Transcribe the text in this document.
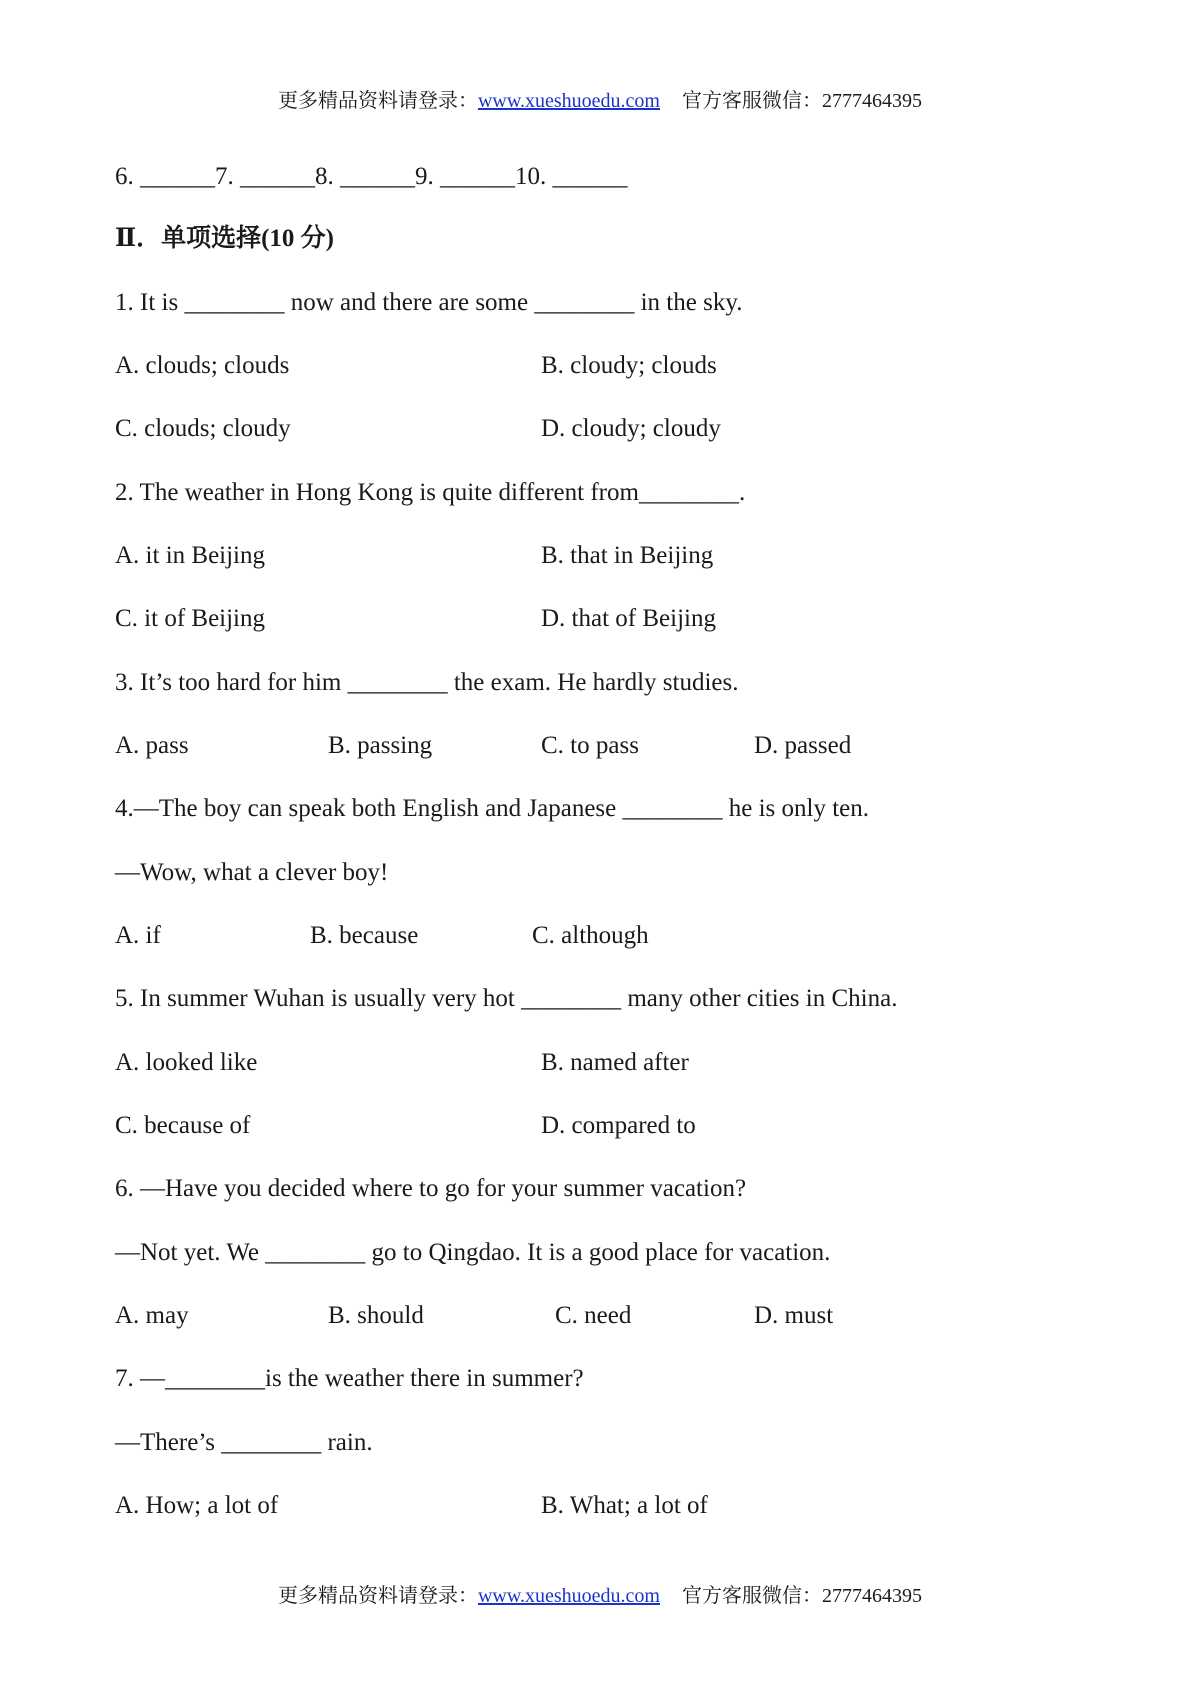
更多精品资料请登录：www.xueshuoedu.com 官方客服微信：2777464395
6. ______7. ______8. ______9. ______10. ______
Ⅱ．单项选择(10 分)
1. It is ________ now and there are some ________ in the sky.
A. clouds; clouds	B. cloudy; clouds
C. clouds; cloudy	D. cloudy; cloudy
2. The weather in Hong Kong is quite different from________.
A. it in Beijing	B. that in Beijing
C. it of Beijing	D. that of Beijing
3. It’s too hard for him ________ the exam. He hardly studies.
A. pass	B. passing	C. to pass	D. passed
4.—The boy can speak both English and Japanese ________ he is only ten.
—Wow, what a clever boy!
A. if	B. because	C. although
5. In summer Wuhan is usually very hot ________ many other cities in China.
A. looked like	B. named after
C. because of	D. compared to
6. —Have you decided where to go for your summer vacation?
—Not yet. We ________ go to Qingdao. It is a good place for vacation.
A. may	B. should	C. need	D. must
7. —________is the weather there in summer?
—There’s ________ rain.
A. How; a lot of	B. What; a lot of
更多精品资料请登录：www.xueshuoedu.com 官方客服微信：2777464395
